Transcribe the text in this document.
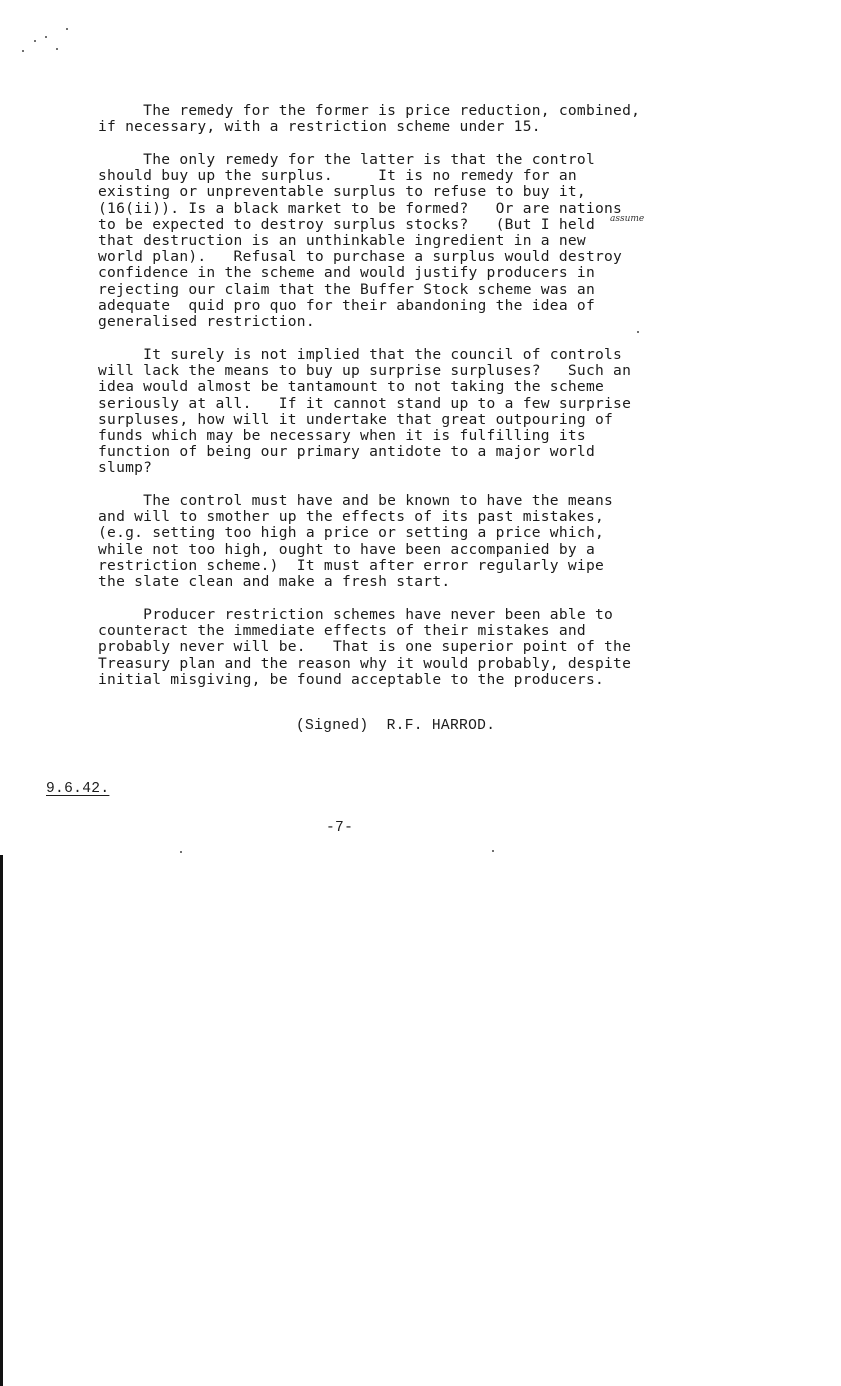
The remedy for the former is price reduction, combined,
if necessary, with a restriction scheme under 15.
The only remedy for the latter is that the control
should buy up the surplus.     It is no remedy for an
existing or unpreventable surplus to refuse to buy it,
(16(ii)). Is a black market to be formed?   Or are nations
to be expected to destroy surplus stocks?   (But I held
that destruction is an unthinkable ingredient in a new
world plan).   Refusal to purchase a surplus would destroy
confidence in the scheme and would justify producers in
rejecting our claim that the Buffer Stock scheme was an
adequate  quid pro quo for their abandoning the idea of
generalised restriction.
assume
It surely is not implied that the council of controls
will lack the means to buy up surprise surpluses?   Such an
idea would almost be tantamount to not taking the scheme
seriously at all.   If it cannot stand up to a few surprise
surpluses, how will it undertake that great outpouring of
funds which may be necessary when it is fulfilling its
function of being our primary antidote to a major world
slump?
The control must have and be known to have the means
and will to smother up the effects of its past mistakes,
(e.g. setting too high a price or setting a price which,
while not too high, ought to have been accompanied by a
restriction scheme.)  It must after error regularly wipe
the slate clean and make a fresh start.
Producer restriction schemes have never been able to
counteract the immediate effects of their mistakes and
probably never will be.   That is one superior point of the
Treasury plan and the reason why it would probably, despite
initial misgiving, be found acceptable to the producers.
(Signed)  R.F. HARROD.
9.6.42.
-7-
